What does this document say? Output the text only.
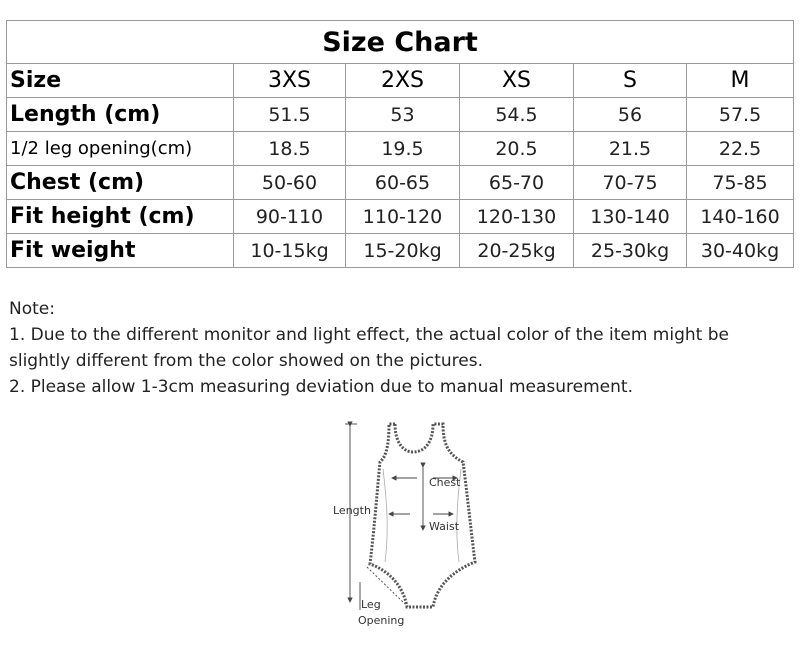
Size Chart					
Size	3XS	2XS	XS	S	M
Length (cm)	51.5	53	54.5	56	57.5
1/2 leg opening(cm)	18.5	19.5	20.5	21.5	22.5
Chest (cm)	50-60	60-65	65-70	70-75	75-85
Fit height (cm)	90-110	110-120	120-130	130-140	140-160
Fit weight	10-15kg	15-20kg	20-25kg	25-30kg	30-40kg

Note:

1. Due to the different monitor and light effect, the actual color of the item might be

slightly different from the color showed on the pictures.

2. Please allow 1-3cm measuring deviation due to manual measurement.

Chest
Waist
Length
Leg
Opening
